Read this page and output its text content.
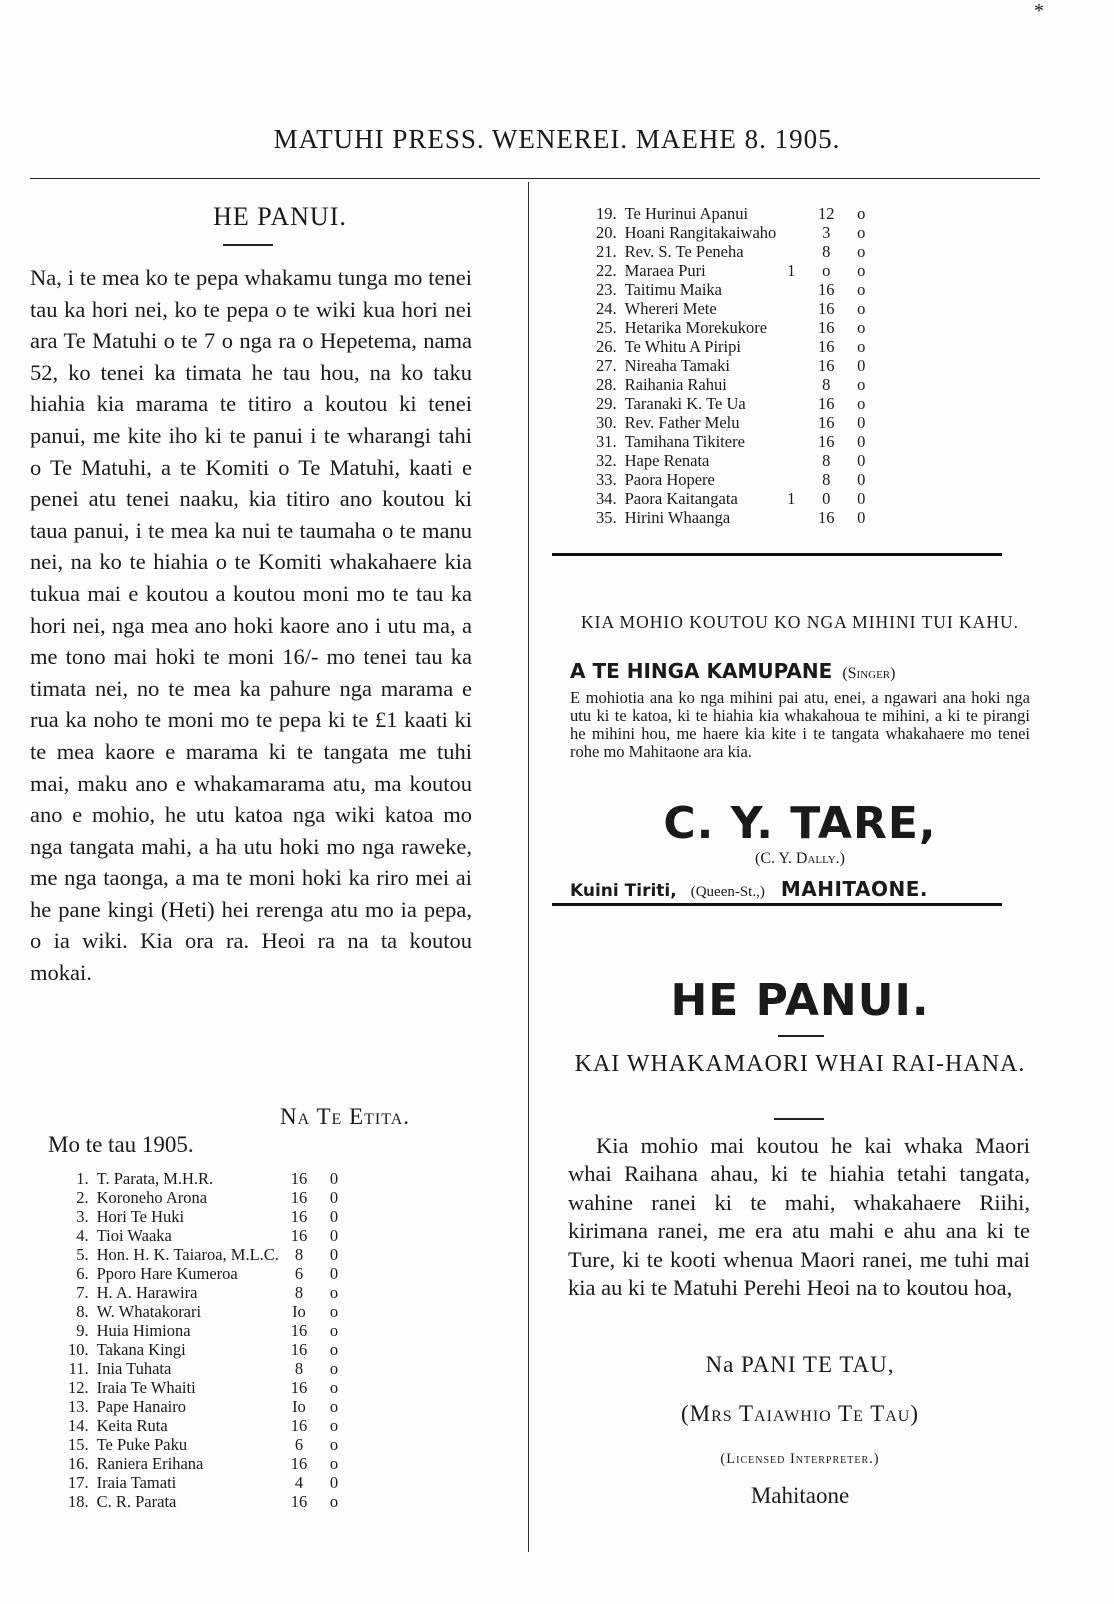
*
MATUHI PRESS. WENEREI. MAEHE 8. 1905.
HE PANUI.

Na, i te mea ko te pepa whakamu tunga mo tenei tau ka hori nei, ko te pepa o te wiki kua hori nei ara Te Matuhi o te 7 o nga ra o Hepetema, nama 52, ko tenei ka timata he tau hou, na ko taku hiahia kia marama te titiro a koutou ki tenei panui, me kite iho ki te panui i te wharangi tahi o Te Matuhi, a te Komiti o Te Matuhi, kaati e penei atu tenei naaku, kia titiro ano koutou ki taua panui, i te mea ka nui te taumaha o te manu nei, na ko te hiahia o te Komiti whakahaere kia tukua mai e koutou a koutou moni mo te tau ka hori nei, nga mea ano hoki kaore ano i utu ma, a me tono mai hoki te moni 16/- mo tenei tau ka timata nei, no te mea ka pahure nga marama e rua ka noho te moni mo te pepa ki te £1 kaati ki te mea kaore e marama ki te tangata me tuhi mai, maku ano e whakamarama atu, ma koutou ano e mohio, he utu katoa nga wiki katoa mo nga tangata mahi, a ha utu hoki mo nga raweke, me nga taonga, a ma te moni hoki ka riro mei ai he pane kingi (Heti) hei rerenga atu mo ia pepa, o ia wiki. Kia ora ra. Heoi ra na ta koutou mokai.

Na Te Etita.
Mo te tau 1905.
1.	T. Parata, M.H.R.	16	0
2.	Koroneho Arona	16	0
3.	Hori Te Huki	16	0
4.	Tioi Waaka	16	0
5.	Hon. H. K. Taiaroa, M.L.C.	8	0
6.	Pporo Hare Kumeroa	6	0
7.	H. A. Harawira	8	o
8.	W. Whatakorari	Io	o
9.	Huia Himiona	16	o
10.	Takana Kingi	16	o
11.	Inia Tuhata	8	o
12.	Iraia Te Whaiti	16	o
13.	Pape Hanairo	Io	o
14.	Keita Ruta	16	o
15.	Te Puke Paku	6	o
16.	Raniera Erihana	16	o
17.	Iraia Tamati	4	0
18.	C. R. Parata	16	o
19.	Te Hurinui Apanui		12	o
20.	Hoani Rangitakaiwaho		3	o
21.	Rev. S. Te Peneha		8	o
22.	Maraea Puri	1	o	o
23.	Taitimu Maika		16	o
24.	Whereri Mete		16	o
25.	Hetarika Morekukore		16	o
26.	Te Whitu A Piripi		16	o
27.	Nireaha Tamaki		16	0
28.	Raihania Rahui		8	o
29.	Taranaki K. Te Ua		16	o
30.	Rev. Father Melu		16	0
31.	Tamihana Tikitere		16	0
32.	Hape Renata		8	0
33.	Paora Hopere		8	0
34.	Paora Kaitangata	1	0	0
35.	Hirini Whaanga		16	0
KIA MOHIO KOUTOU KO NGA MIHINI TUI KAHU.
A TE HINGA KAMUPANE (Singer)
E mohiotia ana ko nga mihini pai atu, enei, a ngawari ana hoki nga utu ki te katoa, ki te hiahia kia whakahoua te mihini, a ki te pirangi he mihini hou, me haere kia kite i te tangata whakahaere mo tenei rohe mo Mahitaone ara kia.
C. Y. TARE,
(C. Y. Dally.)
Kuini Tiriti, (Queen-St.,) MAHITAONE.
HE PANUI.
KAI WHAKAMAORI WHAI RAI-HANA.
Kia mohio mai koutou he kai whaka Maori whai Raihana ahau, ki te hiahia tetahi tangata, wahine ranei ki te mahi, whakahaere Riihi, kirimana ranei, me era atu mahi e ahu ana ki te Ture, ki te kooti whenua Maori ranei, me tuhi mai kia au ki te Matuhi Perehi Heoi na to koutou hoa,
Na PANI TE TAU,
(Mrs Taiawhio Te Tau)
(Licensed Interpreter.)
Mahitaone
